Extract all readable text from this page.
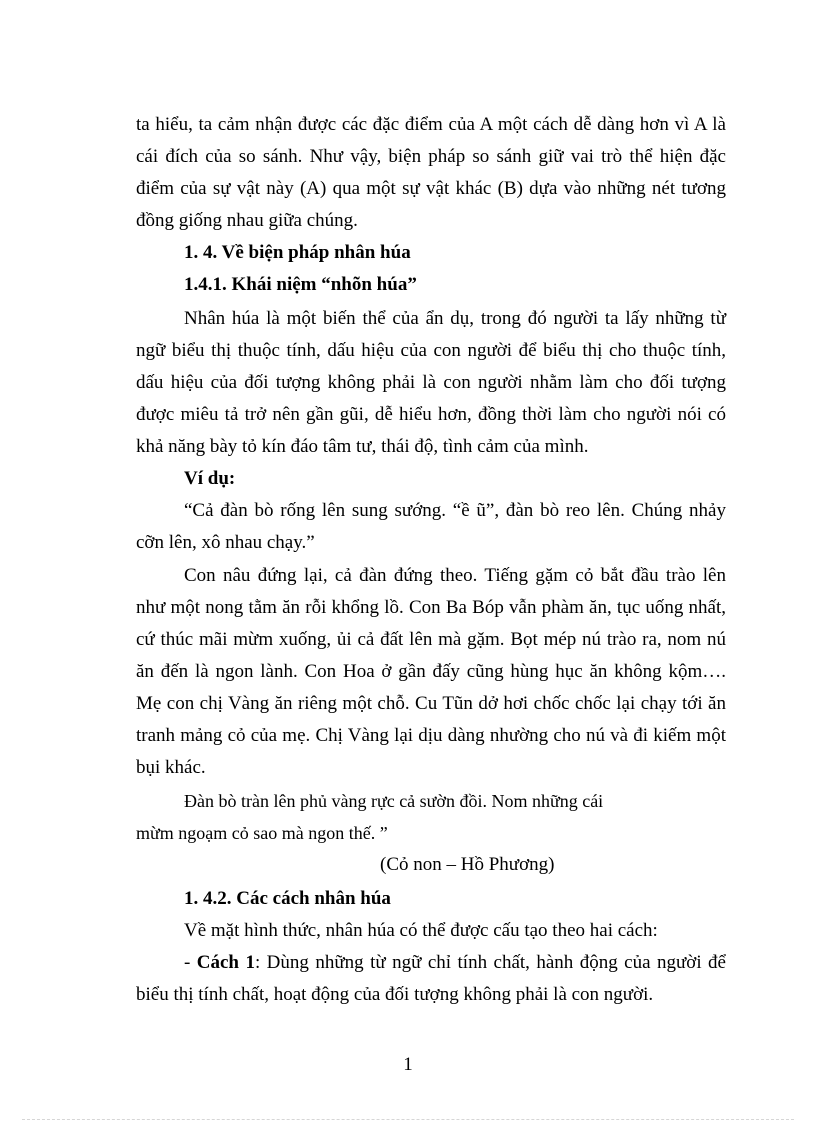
ta hiểu, ta cảm nhận được các đặc điểm của A một cách dễ dàng hơn vì A là
cái đích của so sánh. Như vậy, biện pháp so sánh giữ vai trò thể hiện đặc
điểm của sự vật này (A) qua một sự vật khác (B) dựa vào những nét tương
đồng giống nhau giữa chúng.
1. 4. Về biện pháp nhân húa
1.4.1. Khái niệm “nhõn húa”
Nhân húa là một biến thể của ẩn dụ, trong đó người ta lấy những từ
ngữ biểu thị thuộc tính, dấu hiệu của con người để biểu thị cho thuộc tính,
dấu hiệu của đối tượng không phải là con người nhằm làm cho đối tượng
được miêu tả trở nên gần gũi, dễ hiểu hơn, đồng thời làm cho người nói có
khả năng bày tỏ kín đáo tâm tư, thái độ, tình cảm của mình.
Ví dụ:
“Cả đàn bò rống lên sung sướng. “ề ũ”, đàn bò reo lên. Chúng nhảy
cỡn lên, xô nhau chạy.”
Con nâu đứng lại, cả đàn đứng theo. Tiếng gặm cỏ bắt đầu trào lên
như một nong tằm ăn rỗi khổng lồ. Con Ba Bóp vẫn phàm ăn, tục uống nhất,
cứ thúc mãi mừm xuống, ủi cả đất lên mà gặm. Bọt mép nú trào ra, nom nú
ăn đến là ngon lành. Con Hoa ở gần đấy cũng hùng hục ăn không kộm….
Mẹ con chị Vàng ăn riêng một chỗ. Cu Tũn dở hơi chốc chốc lại chạy tới ăn
tranh mảng cỏ của mẹ. Chị Vàng lại dịu dàng nhường cho nú và đi kiếm một
bụi khác.
Đàn bò tràn lên phủ vàng rực cả sườn đồi. Nom những cái
mừm ngoạm cỏ sao mà ngon thế. ”
(Cỏ non – Hồ Phương)
1. 4.2. Các cách nhân húa
Về mặt hình thức, nhân húa có thể được cấu tạo theo hai cách:
- Cách 1: Dùng những từ ngữ chỉ tính chất, hành động của người để
biểu thị tính chất, hoạt động của đối tượng không phải là con người.
1
